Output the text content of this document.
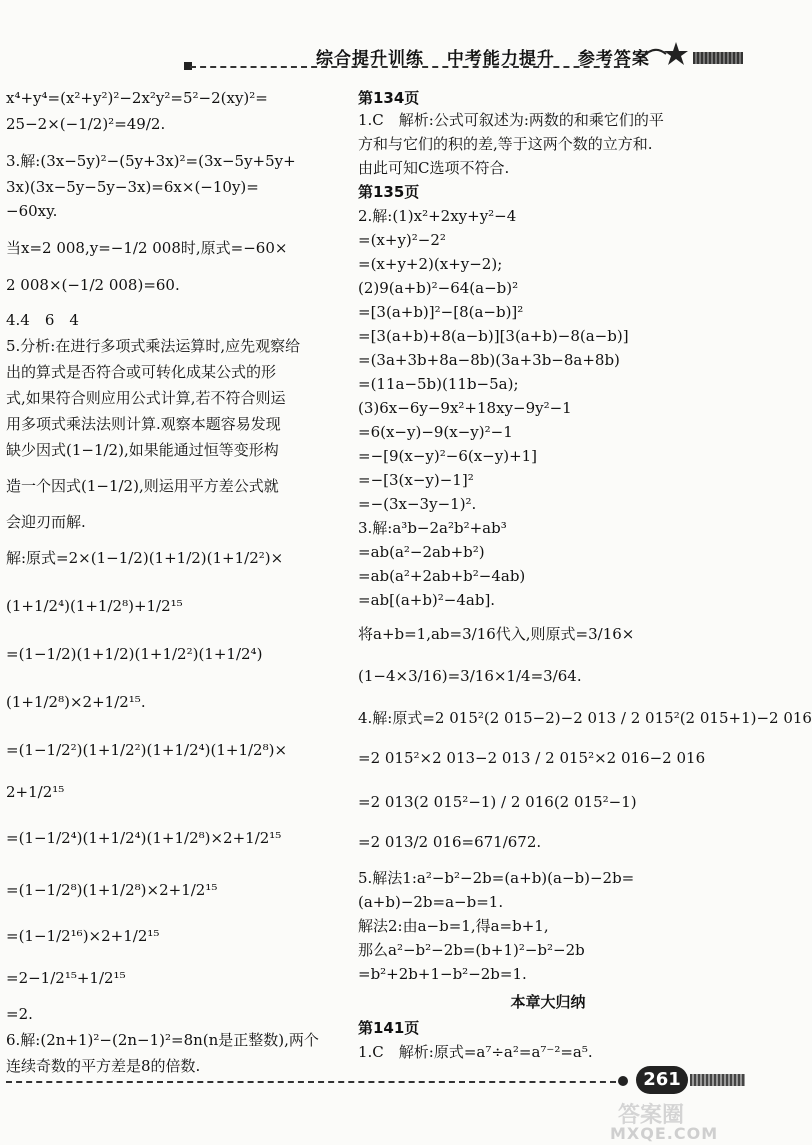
综合提升训练 中考能力提升 参考答案
x⁴+y⁴=(x²+y²)²−2x²y²=5²−2(xy)²=
25−2×(−1/2)²=49/2.
3.解:(3x−5y)²−(5y+3x)²=(3x−5y+5y+
3x)(3x−5y−5y−3x)=6x×(−10y)=
−60xy.
当x=2 008,y=−1/2 008时,原式=−60×
2 008×(−1/2 008)=60.
4.4　6　4
5.分析:在进行多项式乘法运算时,应先观察给
出的算式是否符合或可转化成某公式的形
式,如果符合则应用公式计算,若不符合则运
用多项式乘法法则计算.观察本题容易发现
缺少因式(1−1/2),如果能通过恒等变形构
造一个因式(1−1/2),则运用平方差公式就
会迎刃而解.
解:原式=2×(1−1/2)(1+1/2)(1+1/2²)×
(1+1/2⁴)(1+1/2⁸)+1/2¹⁵
=(1−1/2)(1+1/2)(1+1/2²)(1+1/2⁴)
(1+1/2⁸)×2+1/2¹⁵.
=(1−1/2²)(1+1/2²)(1+1/2⁴)(1+1/2⁸)×
2+1/2¹⁵
=(1−1/2⁴)(1+1/2⁴)(1+1/2⁸)×2+1/2¹⁵
=(1−1/2⁸)(1+1/2⁸)×2+1/2¹⁵
=(1−1/2¹⁶)×2+1/2¹⁵
=2−1/2¹⁵+1/2¹⁵
=2.
6.解:(2n+1)²−(2n−1)²=8n(n是正整数),两个
连续奇数的平方差是8的倍数.
第134页
1.C　解析:公式可叙述为:两数的和乘它们的平
方和与它们的积的差,等于这两个数的立方和.
由此可知C选项不符合.
第135页
2.解:(1)x²+2xy+y²−4
=(x+y)²−2²
=(x+y+2)(x+y−2);
(2)9(a+b)²−64(a−b)²
=[3(a+b)]²−[8(a−b)]²
=[3(a+b)+8(a−b)][3(a+b)−8(a−b)]
=(3a+3b+8a−8b)(3a+3b−8a+8b)
=(11a−5b)(11b−5a);
(3)6x−6y−9x²+18xy−9y²−1
=6(x−y)−9(x−y)²−1
=−[9(x−y)²−6(x−y)+1]
=−[3(x−y)−1]²
=−(3x−3y−1)².
3.解:a³b−2a²b²+ab³
=ab(a²−2ab+b²)
=ab(a²+2ab+b²−4ab)
=ab[(a+b)²−4ab].
将a+b=1,ab=3/16代入,则原式=3/16×
(1−4×3/16)=3/16×1/4=3/64.
4.解:原式=2 015²(2 015−2)−2 013 / 2 015²(2 015+1)−2 016
=2 015²×2 013−2 013 / 2 015²×2 016−2 016
=2 013(2 015²−1) / 2 016(2 015²−1)
=2 013/2 016=671/672.
5.解法1:a²−b²−2b=(a+b)(a−b)−2b=
(a+b)−2b=a−b=1.
解法2:由a−b=1,得a=b+1,
那么a²−b²−2b=(b+1)²−b²−2b
=b²+2b+1−b²−2b=1.
本章大归纳
第141页
1.C　解析:原式=a⁷÷a²=a⁷⁻²=a⁵.
261
答案圈
MXQE.COM
